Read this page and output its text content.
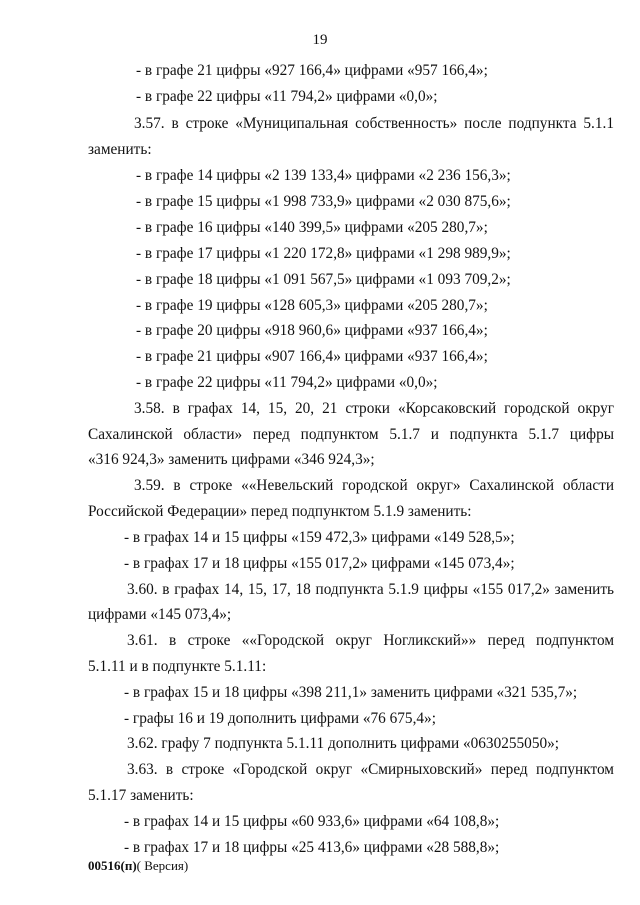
19
- в графе 21 цифры «927 166,4» цифрами «957 166,4»;
- в графе 22 цифры «11 794,2» цифрами «0,0»;
3.57. в строке «Муниципальная собственность» после подпункта 5.1.1
заменить:
- в графе 14 цифры «2 139 133,4» цифрами «2 236 156,3»;
- в графе 15 цифры «1 998 733,9» цифрами «2 030 875,6»;
- в графе 16 цифры «140 399,5» цифрами «205 280,7»;
- в графе 17 цифры «1 220 172,8» цифрами «1 298 989,9»;
- в графе 18 цифры «1 091 567,5» цифрами «1 093 709,2»;
- в графе 19 цифры «128 605,3» цифрами «205 280,7»;
- в графе 20 цифры «918 960,6» цифрами «937 166,4»;
- в графе 21 цифры «907 166,4» цифрами «937 166,4»;
- в графе 22 цифры «11 794,2» цифрами «0,0»;
3.58. в графах 14, 15, 20, 21 строки «Корсаковский городской округ
Сахалинской области» перед подпунктом 5.1.7 и подпункта 5.1.7 цифры
«316 924,3» заменить цифрами «346 924,3»;
3.59. в строке ««Невельский городской округ» Сахалинской области
Российской Федерации» перед подпунктом 5.1.9 заменить:
- в графах 14 и 15 цифры «159 472,3» цифрами «149 528,5»;
- в графах 17 и 18 цифры «155 017,2» цифрами «145 073,4»;
3.60. в графах 14, 15, 17, 18 подпункта 5.1.9 цифры «155 017,2» заменить
цифрами «145 073,4»;
3.61. в строке ««Городской округ Ногликский»» перед подпунктом
5.1.11 и в подпункте 5.1.11:
- в графах 15 и 18 цифры «398 211,1» заменить цифрами «321 535,7»;
- графы 16 и 19 дополнить цифрами «76 675,4»;
3.62. графу 7 подпункта 5.1.11 дополнить цифрами «0630255050»;
3.63. в строке «Городской округ «Смирныховский» перед подпунктом
5.1.17 заменить:
- в графах 14 и 15 цифры «60 933,6» цифрами «64 108,8»;
- в графах 17 и 18 цифры «25 413,6» цифрами «28 588,8»;
00516(п)( Версия)
